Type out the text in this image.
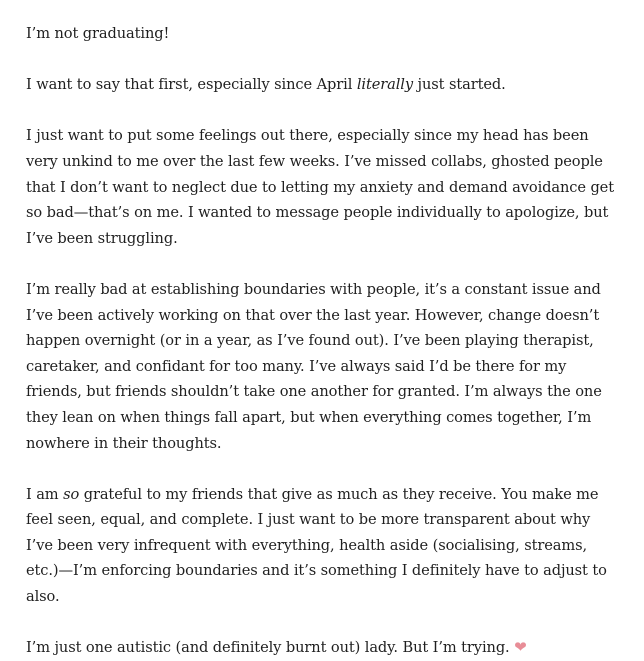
I’m not graduating!

I want to say that first, especially since April literally just started.

I just want to put some feelings out there, especially since my head has been very unkind to me over the last few weeks. I’ve missed collabs, ghosted people that I don’t want to neglect due to letting my anxiety and demand avoidance get so bad—that’s on me. I wanted to message people individually to apologize, but I’ve been struggling.

I’m really bad at establishing boundaries with people, it’s a constant issue and I’ve been actively working on that over the last year. However, change doesn’t happen overnight (or in a year, as I’ve found out). I’ve been playing therapist, caretaker, and confidant for too many. I’ve always said I’d be there for my friends, but friends shouldn’t take one another for granted. I’m always the one they lean on when things fall apart, but when everything comes together, I’m nowhere in their thoughts.

I am so grateful to my friends that give as much as they receive. You make me feel seen, equal, and complete. I just want to be more transparent about why I’ve been very infrequent with everything, health aside (socialising, streams, etc.)—I’m enforcing boundaries and it’s something I definitely have to adjust to also.

I’m just one autistic (and definitely burnt out) lady. But I’m trying. ❤
